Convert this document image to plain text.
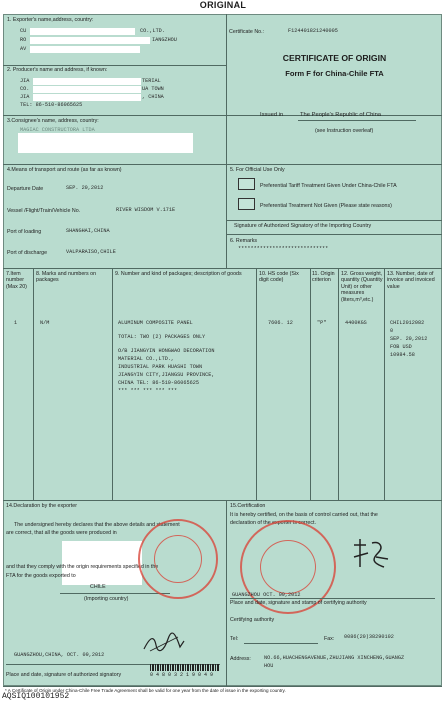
ORIGINAL
1. Exporter's name,address, country:
CU	CO.,LTD.
RO	IANGZHOU
AV
2. Producer's name and address, if known:
JIA	TERIAL
CO.	UA TOWN
JIA	, CHINA
TEL: 86-510-86065625
3.Consignee's name, address, country:
MAGIAC CONSTRUCTORA LTDA
Certificate No.:	F124401821240005
CERTIFICATE OF ORIGIN
Form F for China-Chile FTA
Issued in	The People's Republic of China
(see Instruction overleaf)
4.Means of transport and route (as far as known)
Departure Date	SEP. 20,2012
Vessel /Flight/Train/Vehicle No.	RIVER WISDOM V.171E
Port of loading	SHANGHAI,CHINA
Port of discharge	VALPARAISO,CHILE
5. For Official Use Only
Preferential Tariff Treatment Given Under China-Chile FTA
Preferential Treatment Not Given (Please state reasons)
Signature of Authorized Signatory of the Importing Country
6. Remarks
*****************************
7.Item number (Max 20)
8. Marks and numbers on packages
9. Number and kind of packages; description of goods	10. HS code (Six digit code)
11. Origin criterion
12. Gross weight, quantity (Quantity Unit) or other measures (liters,m³,etc.)
13. Number, date of invoice and invoiced value
1	N/M	ALUMINUM COMPOSITE PANEL
TOTAL: TWO (2) PACKAGES ONLY
O/B JIANGYIN HONGWAO DECORATION
MATERIAL CO.,LTD.,
INDUSTRIAL PARK HUASHI TOWN
JIANGYIN CITY,JIANGSU PROVINCE,
CHINA TEL: 86-510-86065625
*** *** *** *** ***
7606. 12	"P"	4400KGS	CHIL2012082
0
SEP. 20,2012
FOB USD
10984.58
14.Declaration by the exporter
The undersigned hereby declares that the above details and statement
are correct, that all the goods were produced in
and that they comply with the origin requirements specified in the
FTA for the goods exported to
CHILE
(Importing country)
GUANGZHOU,CHINA, OCT. 09,2012
Place and date, signature of authorized signatory	0 4 8 0 3 2 1 9 0 4 9
15.Certification
It is hereby certified, on the basis of control carried out, that the
declaration of the exporter is correct.
GUANGZHOU OCT. 09,2012
Place and date, signature and stamp of certifying authority
Certifying authority
Tel:	Fax: 0086(20)38290102
Address:	NO.66,HUACHENGAVENUE,ZHUJIANG XINCHENG,GUANGZ
HOU
* A Certificate of Origin under China-Chile Free Trade Agreement shall be valid for one year from the date of issue in the exporting country.
AQSIQ100101952
